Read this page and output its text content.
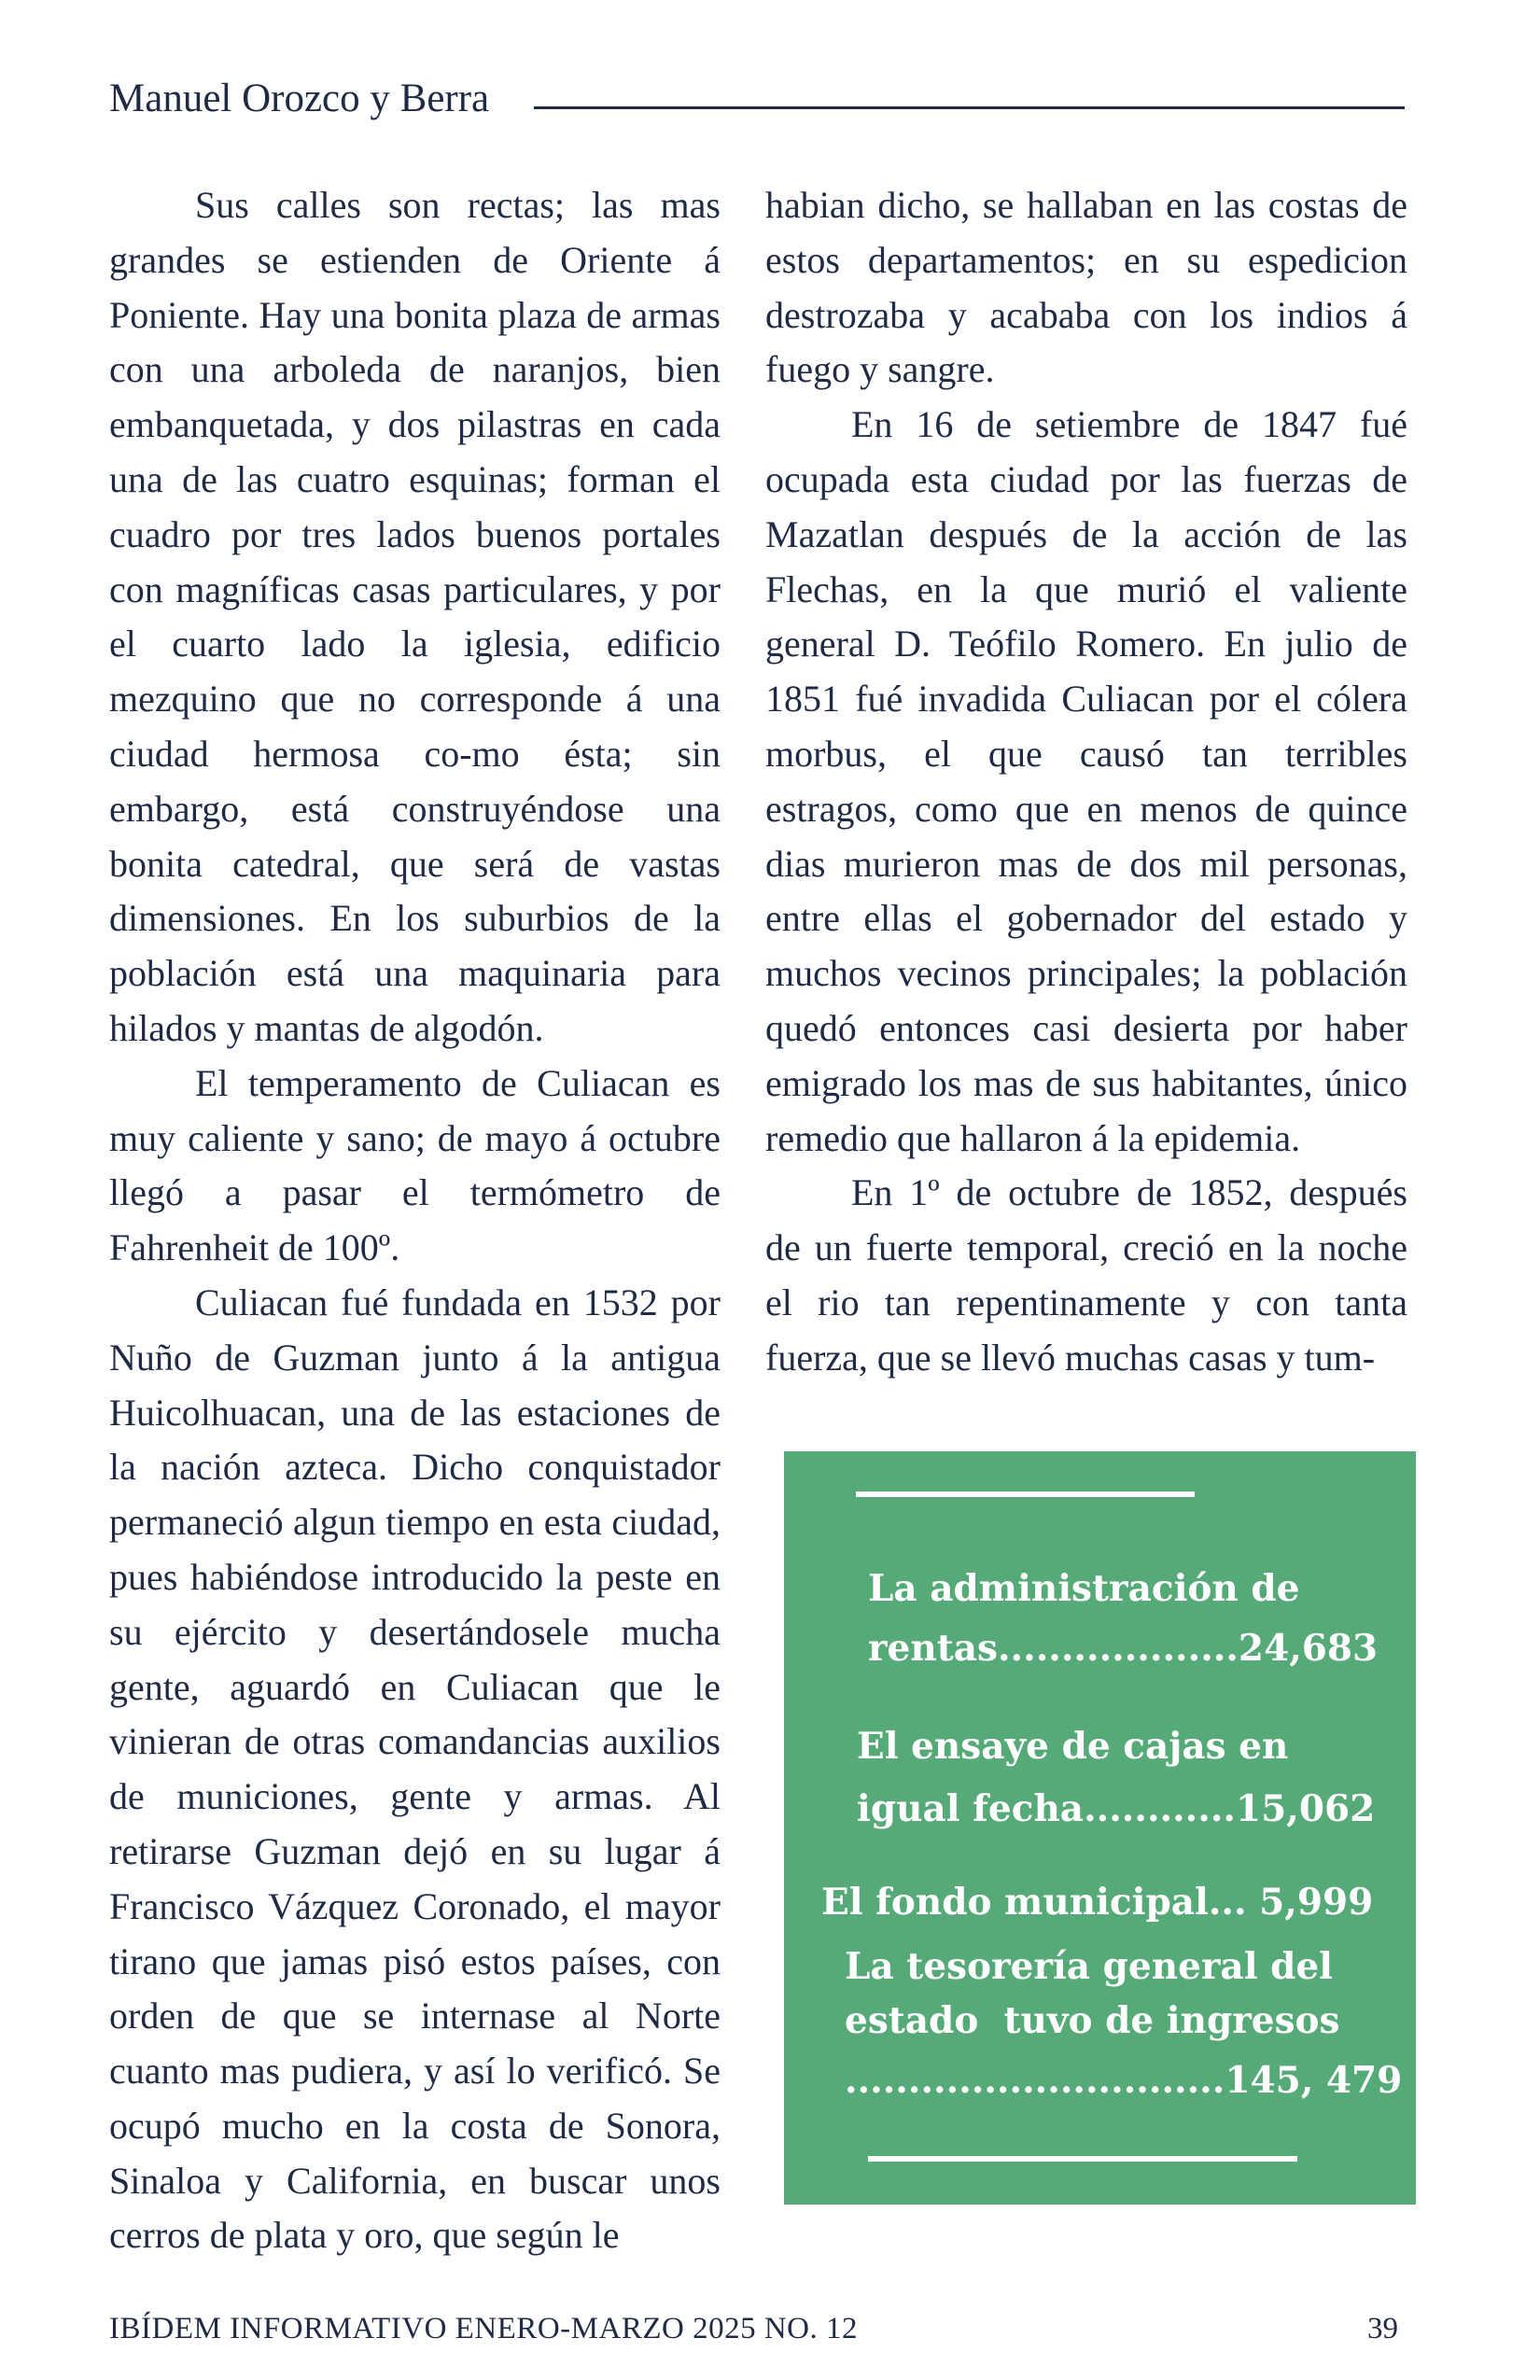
Manuel Orozco y Berra

Sus calles son rectas; las mas grandes se estienden de Oriente á Poniente. Hay una bonita plaza de armas con una arboleda de naranjos, bien embanquetada, y dos pilastras en cada una de las cuatro esquinas; forman el cuadro por tres lados buenos portales con magníficas casas particulares, y por el cuarto lado la iglesia, edificio mezquino que no corresponde á una ciudad hermosa co-mo ésta; sin embargo, está construyéndose una bonita catedral, que será de vastas dimensiones. En los suburbios de la población está una maquinaria para hilados y mantas de algodón.

El temperamento de Culiacan es muy caliente y sano; de mayo á octubre llegó a pasar el termómetro de Fahrenheit de 100º.

Culiacan fué fundada en 1532 por Nuño de Guzman junto á la antigua Huicolhuacan, una de las estaciones de la nación azteca. Dicho conquistador permaneció algun tiempo en esta ciudad, pues habiéndose introducido la peste en su ejército y desertándosele mucha gente, aguardó en Culiacan que le vinieran de otras comandancias auxilios de municiones, gente y armas. Al retirarse Guzman dejó en su lugar á Francisco Vázquez Coronado, el mayor tirano que jamas pisó estos países, con orden de que se internase al Norte cuanto mas pudiera, y así lo verificó. Se ocupó mucho en la costa de Sonora, Sinaloa y California, en buscar unos cerros de plata y oro, que según le

habian dicho, se hallaban en las costas de estos departamentos; en su espedicion destrozaba y acababa con los indios á fuego y sangre.

En 16 de setiembre de 1847 fué ocupada esta ciudad por las fuerzas de Mazatlan después de la acción de las Flechas, en la que murió el valiente general D. Teófilo Romero. En julio de 1851 fué invadida Culiacan por el cólera morbus, el que causó tan terribles estragos, como que en menos de quince dias murieron mas de dos mil personas, entre ellas el gobernador del estado y muchos vecinos principales; la población quedó entonces casi desierta por haber emigrado los mas de sus habitantes, único remedio que hallaron á la epidemia.

En 1º de octubre de 1852, después de un fuerte temporal, creció en la noche el rio tan repentinamente y con tanta fuerza, que se llevó muchas casas y tum-

La administración de
rentas...................24,683
El ensaye de cajas en
igual fecha............15,062
El fondo municipal... 5,999
La tesorería general del
estado  tuvo de ingresos
..............................145, 479
IBÍDEM INFORMATIVO ENERO-MARZO 2025 NO. 12	39
